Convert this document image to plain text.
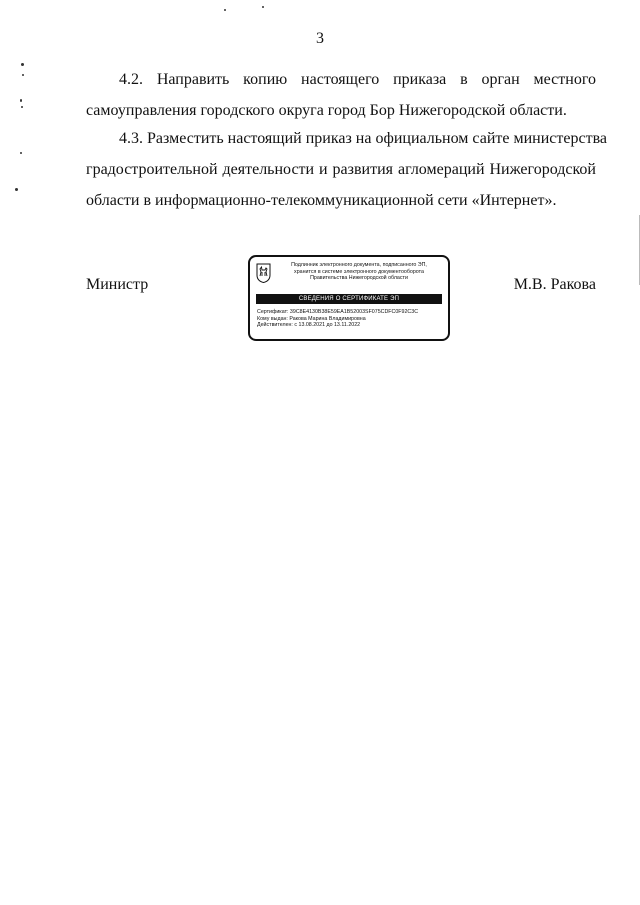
3
4.2. Направить копию настоящего приказа в орган местного
самоуправления городского округа город Бор Нижегородской области.
4.3. Разместить настоящий приказ на официальном сайте министерства
градостроительной деятельности и развития агломераций Нижегородской
области в информационно-телекоммуникационной сети «Интернет».
Министр	М.В. Ракова
Подлинник электронного документа, подписанного ЭП,
хранится в системе электронного документооборота
Правительства Нижегородской области
СВЕДЕНИЯ О СЕРТИФИКАТЕ ЭП
Сертификат: 39C8E4130B38E59EA1B52003SF075CDFC0F92C3C
Кому выдан: Ракова Марина Владимировна
Действителен: с 13.08.2021 до 13.11.2022
